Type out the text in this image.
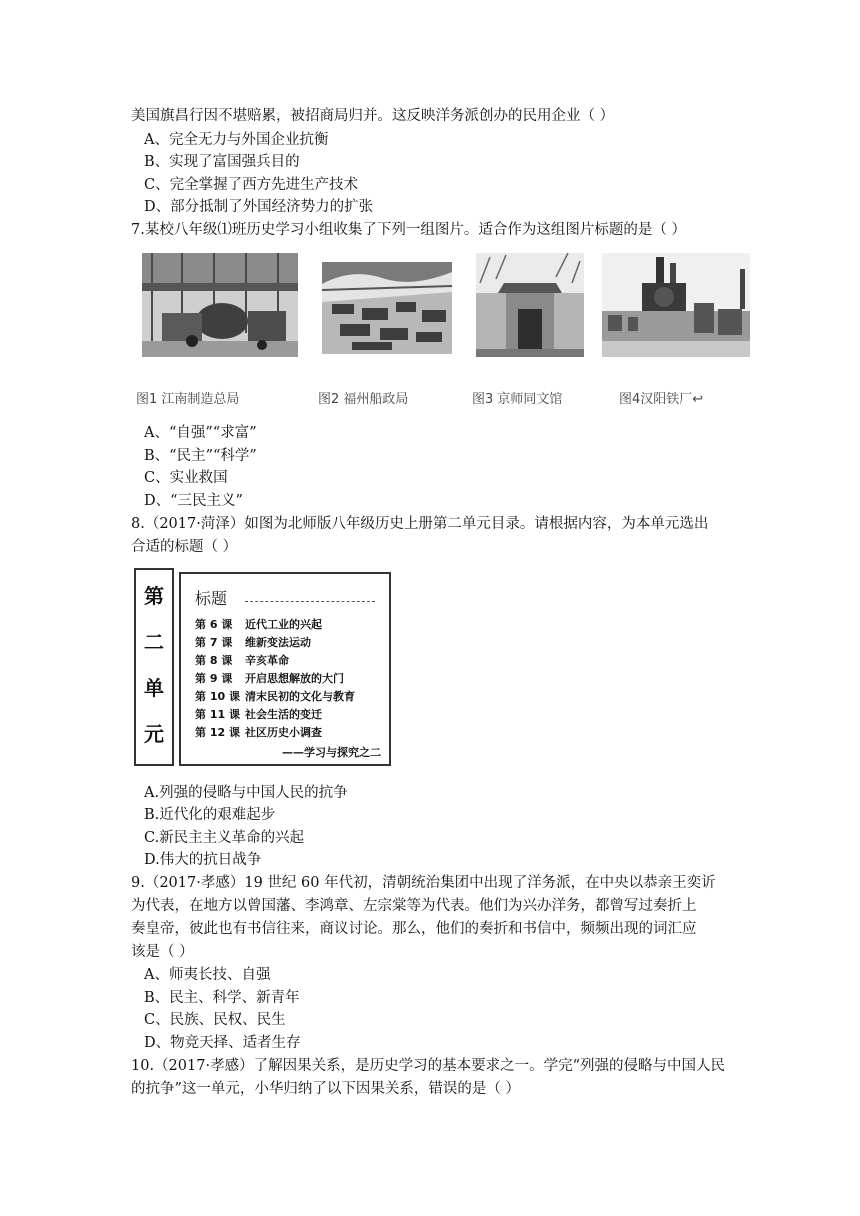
美国旗昌行因不堪赔累，被招商局归并。这反映洋务派创办的民用企业（ ）
A、完全无力与外国企业抗衡
B、实现了富国强兵目的
C、完全掌握了西方先进生产技术
D、部分抵制了外国经济势力的扩张
7.某校八年级⑴班历史学习小组收集了下列一组图片。适合作为这组图片标题的是（ ）
图1 江南制造总局	图2 福州船政局	图3 京师同文馆	图4汉阳铁厂↩
A、“自强”“求富”
B、“民主”“科学”
C、实业救国
D、“三民主义”
8.（2017·菏泽）如图为北师版八年级历史上册第二单元目录。请根据内容，为本单元选出
合适的标题（ ）
第
二
单
元
标题
第 6 课 近代工业的兴起
第 7 课 维新变法运动
第 8 课 辛亥革命
第 9 课 开启思想解放的大门
第 10 课 清末民初的文化与教育
第 11 课 社会生活的变迁
第 12 课 社区历史小调查
——学习与探究之二
A.列强的侵略与中国人民的抗争
B.近代化的艰难起步
C.新民主主义革命的兴起
D.伟大的抗日战争
9.（2017·孝感）19 世纪 60 年代初，清朝统治集团中出现了洋务派，在中央以恭亲王奕䜣
为代表，在地方以曾国藩、李鸿章、左宗棠等为代表。他们为兴办洋务，都曾写过奏折上
奏皇帝，彼此也有书信往来，商议讨论。那么，他们的奏折和书信中，频频出现的词汇应
该是（ ）
A、师夷长技、自强
B、民主、科学、新青年
C、民族、民权、民生
D、物竞天择、适者生存
10.（2017·孝感）了解因果关系，是历史学习的基本要求之一。学完“列强的侵略与中国人民
的抗争”这一单元，小华归纳了以下因果关系，错误的是（ ）
